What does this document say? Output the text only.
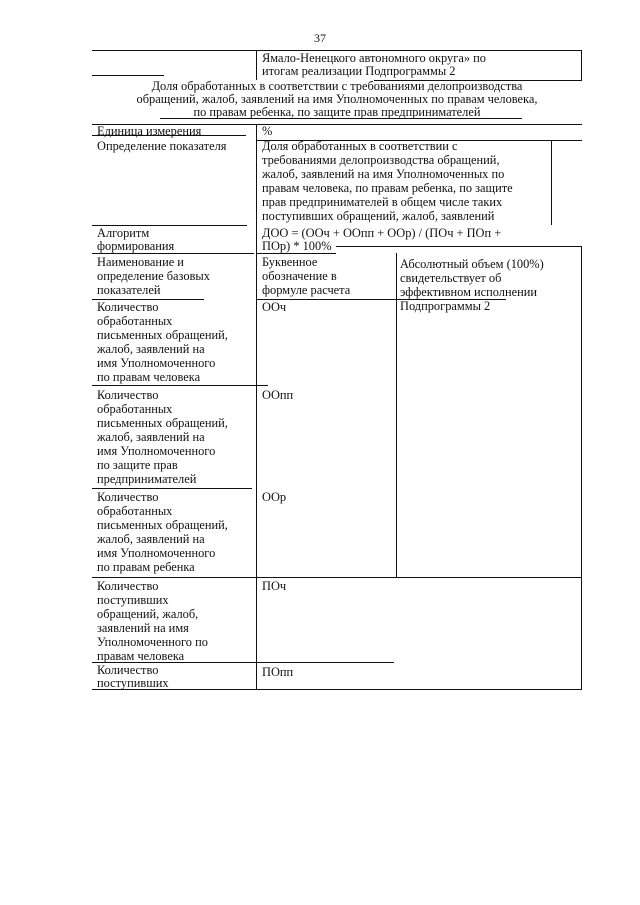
37
Ямало-Ненецкого автономного округа» по
итогам реализации Подпрограммы 2
Доля обработанных в соответствии с требованиями делопроизводства
обращений, жалоб, заявлений на имя Уполномоченных по правам человека,
по правам ребенка, по защите прав предпринимателей
Единица измерения	%
Определение показателя	Доля обработанных в соответствии с
требованиями делопроизводства обращений,
жалоб, заявлений на имя Уполномоченных по
правам человека, по правам ребенка, по защите
прав предпринимателей в общем числе таких
поступивших обращений, жалоб, заявлений
Алгоритм
формирования
ДОО = (ООч + ООпп + ООр) / (ПОч + ПОп +
ПОр) * 100%
Наименование и
определение базовых
показателей
Буквенное
обозначение в
формуле расчета
Абсолютный объем (100%)
свидетельствует об
эффективном исполнении
Подпрограммы 2
Количество
обработанных
письменных обращений,
жалоб, заявлений на
имя Уполномоченного
по правам человека
ООч
Количество
обработанных
письменных обращений,
жалоб, заявлений на
имя Уполномоченного
по защите прав
предпринимателей
ООпп
Количество
обработанных
письменных обращений,
жалоб, заявлений на
имя Уполномоченного
по правам ребенка
ООр
Количество
поступивших
обращений, жалоб,
заявлений на имя
Уполномоченного по
правам человека
ПОч
Количество
поступивших
ПОпп
